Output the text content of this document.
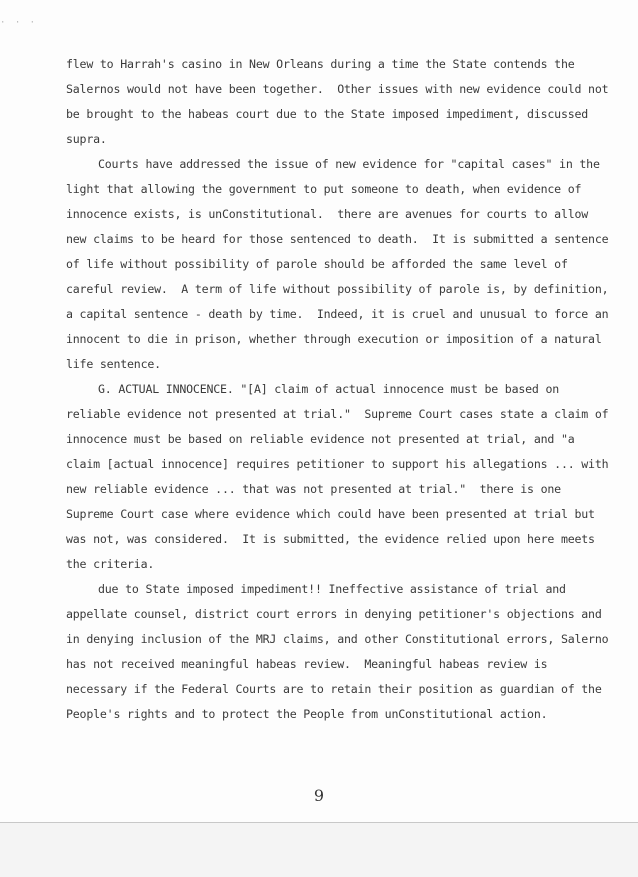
· · ·
flew to Harrah's casino in New Orleans during a time the State contends the
Salernos would not have been together.  Other issues with new evidence could not
be brought to the habeas court due to the State imposed impediment, discussed
supra.
Courts have addressed the issue of new evidence for "capital cases" in the
light that allowing the government to put someone to death, when evidence of
innocence exists, is unConstitutional.  there are avenues for courts to allow
new claims to be heard for those sentenced to death.  It is submitted a sentence
of life without possibility of parole should be afforded the same level of
careful review.  A term of life without possibility of parole is, by definition,
a capital sentence - death by time.  Indeed, it is cruel and unusual to force an
innocent to die in prison, whether through execution or imposition of a natural
life sentence.
G. ACTUAL INNOCENCE. "[A] claim of actual innocence must be based on
reliable evidence not presented at trial."  Supreme Court cases state a claim of
innocence must be based on reliable evidence not presented at trial, and "a
claim [actual innocence] requires petitioner to support his allegations ... with
new reliable evidence ... that was not presented at trial."  there is one
Supreme Court case where evidence which could have been presented at trial but
was not, was considered.  It is submitted, the evidence relied upon here meets
the criteria.
due to State imposed impediment!! Ineffective assistance of trial and
appellate counsel, district court errors in denying petitioner's objections and
in denying inclusion of the MRJ claims, and other Constitutional errors, Salerno
has not received meaningful habeas review.  Meaningful habeas review is
necessary if the Federal Courts are to retain their position as guardian of the
People's rights and to protect the People from unConstitutional action.
9
